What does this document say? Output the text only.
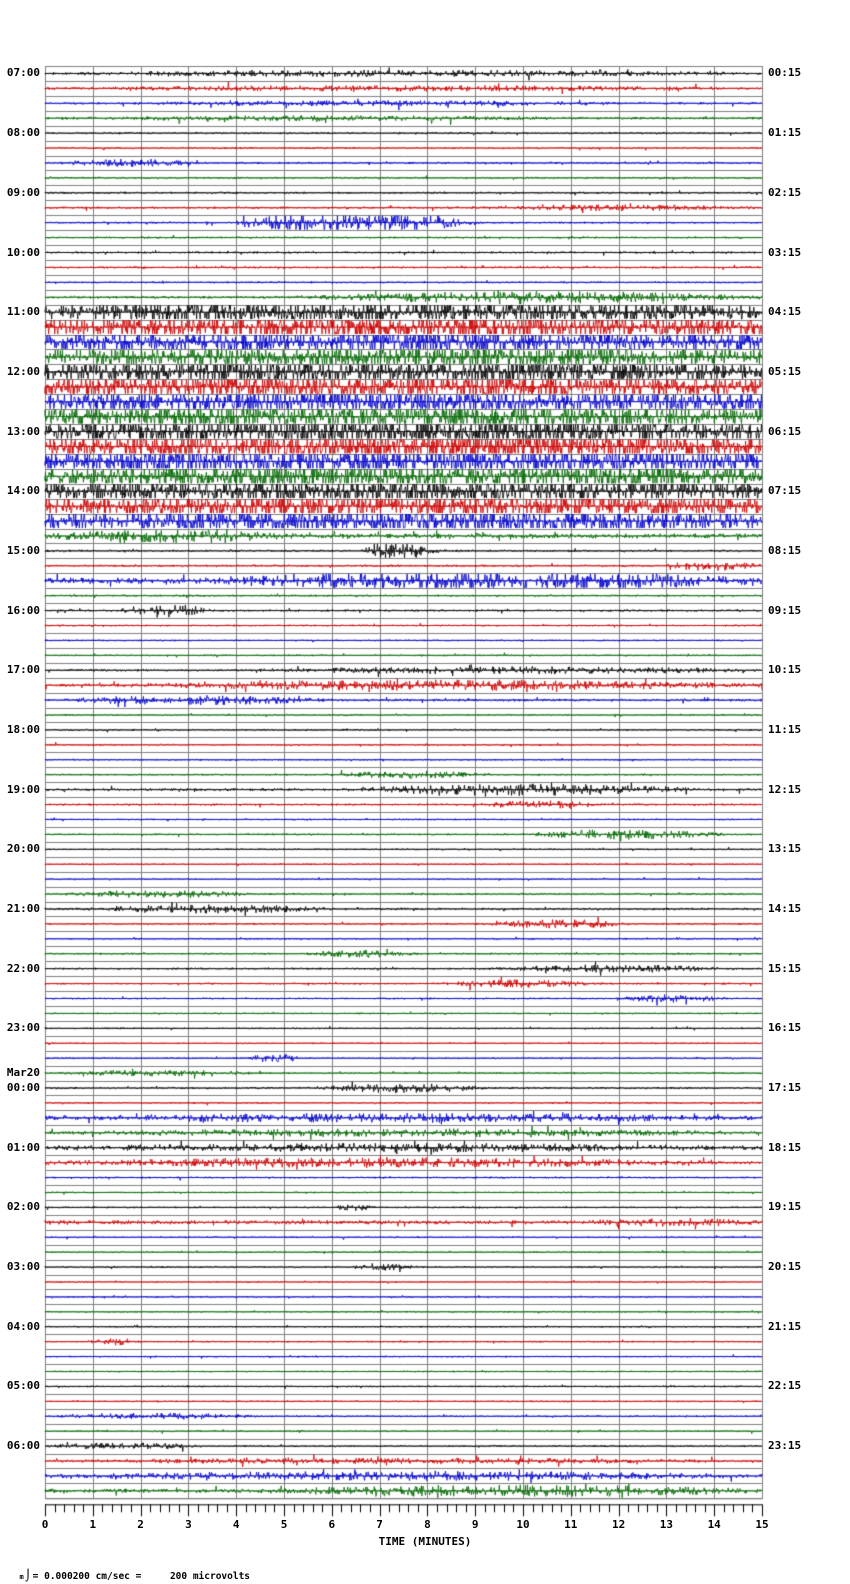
07:00
08:00
09:00
10:00
11:00
12:00
13:00
14:00
15:00
16:00
17:00
18:00
19:00
20:00
21:00
22:00
23:00
Mar20
00:00
01:00
02:00
03:00
04:00
05:00
06:00
00:15
01:15
02:15
03:15
04:15
05:15
06:15
07:15
08:15
09:15
10:15
11:15
12:15
13:15
14:15
15:15
16:15
17:15
18:15
19:15
20:15
21:15
22:15
23:15
0	1	2	3	4	5	6	7	8	9	10	11	12	13	14	15
TIME (MINUTES)

m⌡= 0.000200 cm/sec =     200 microvolts
